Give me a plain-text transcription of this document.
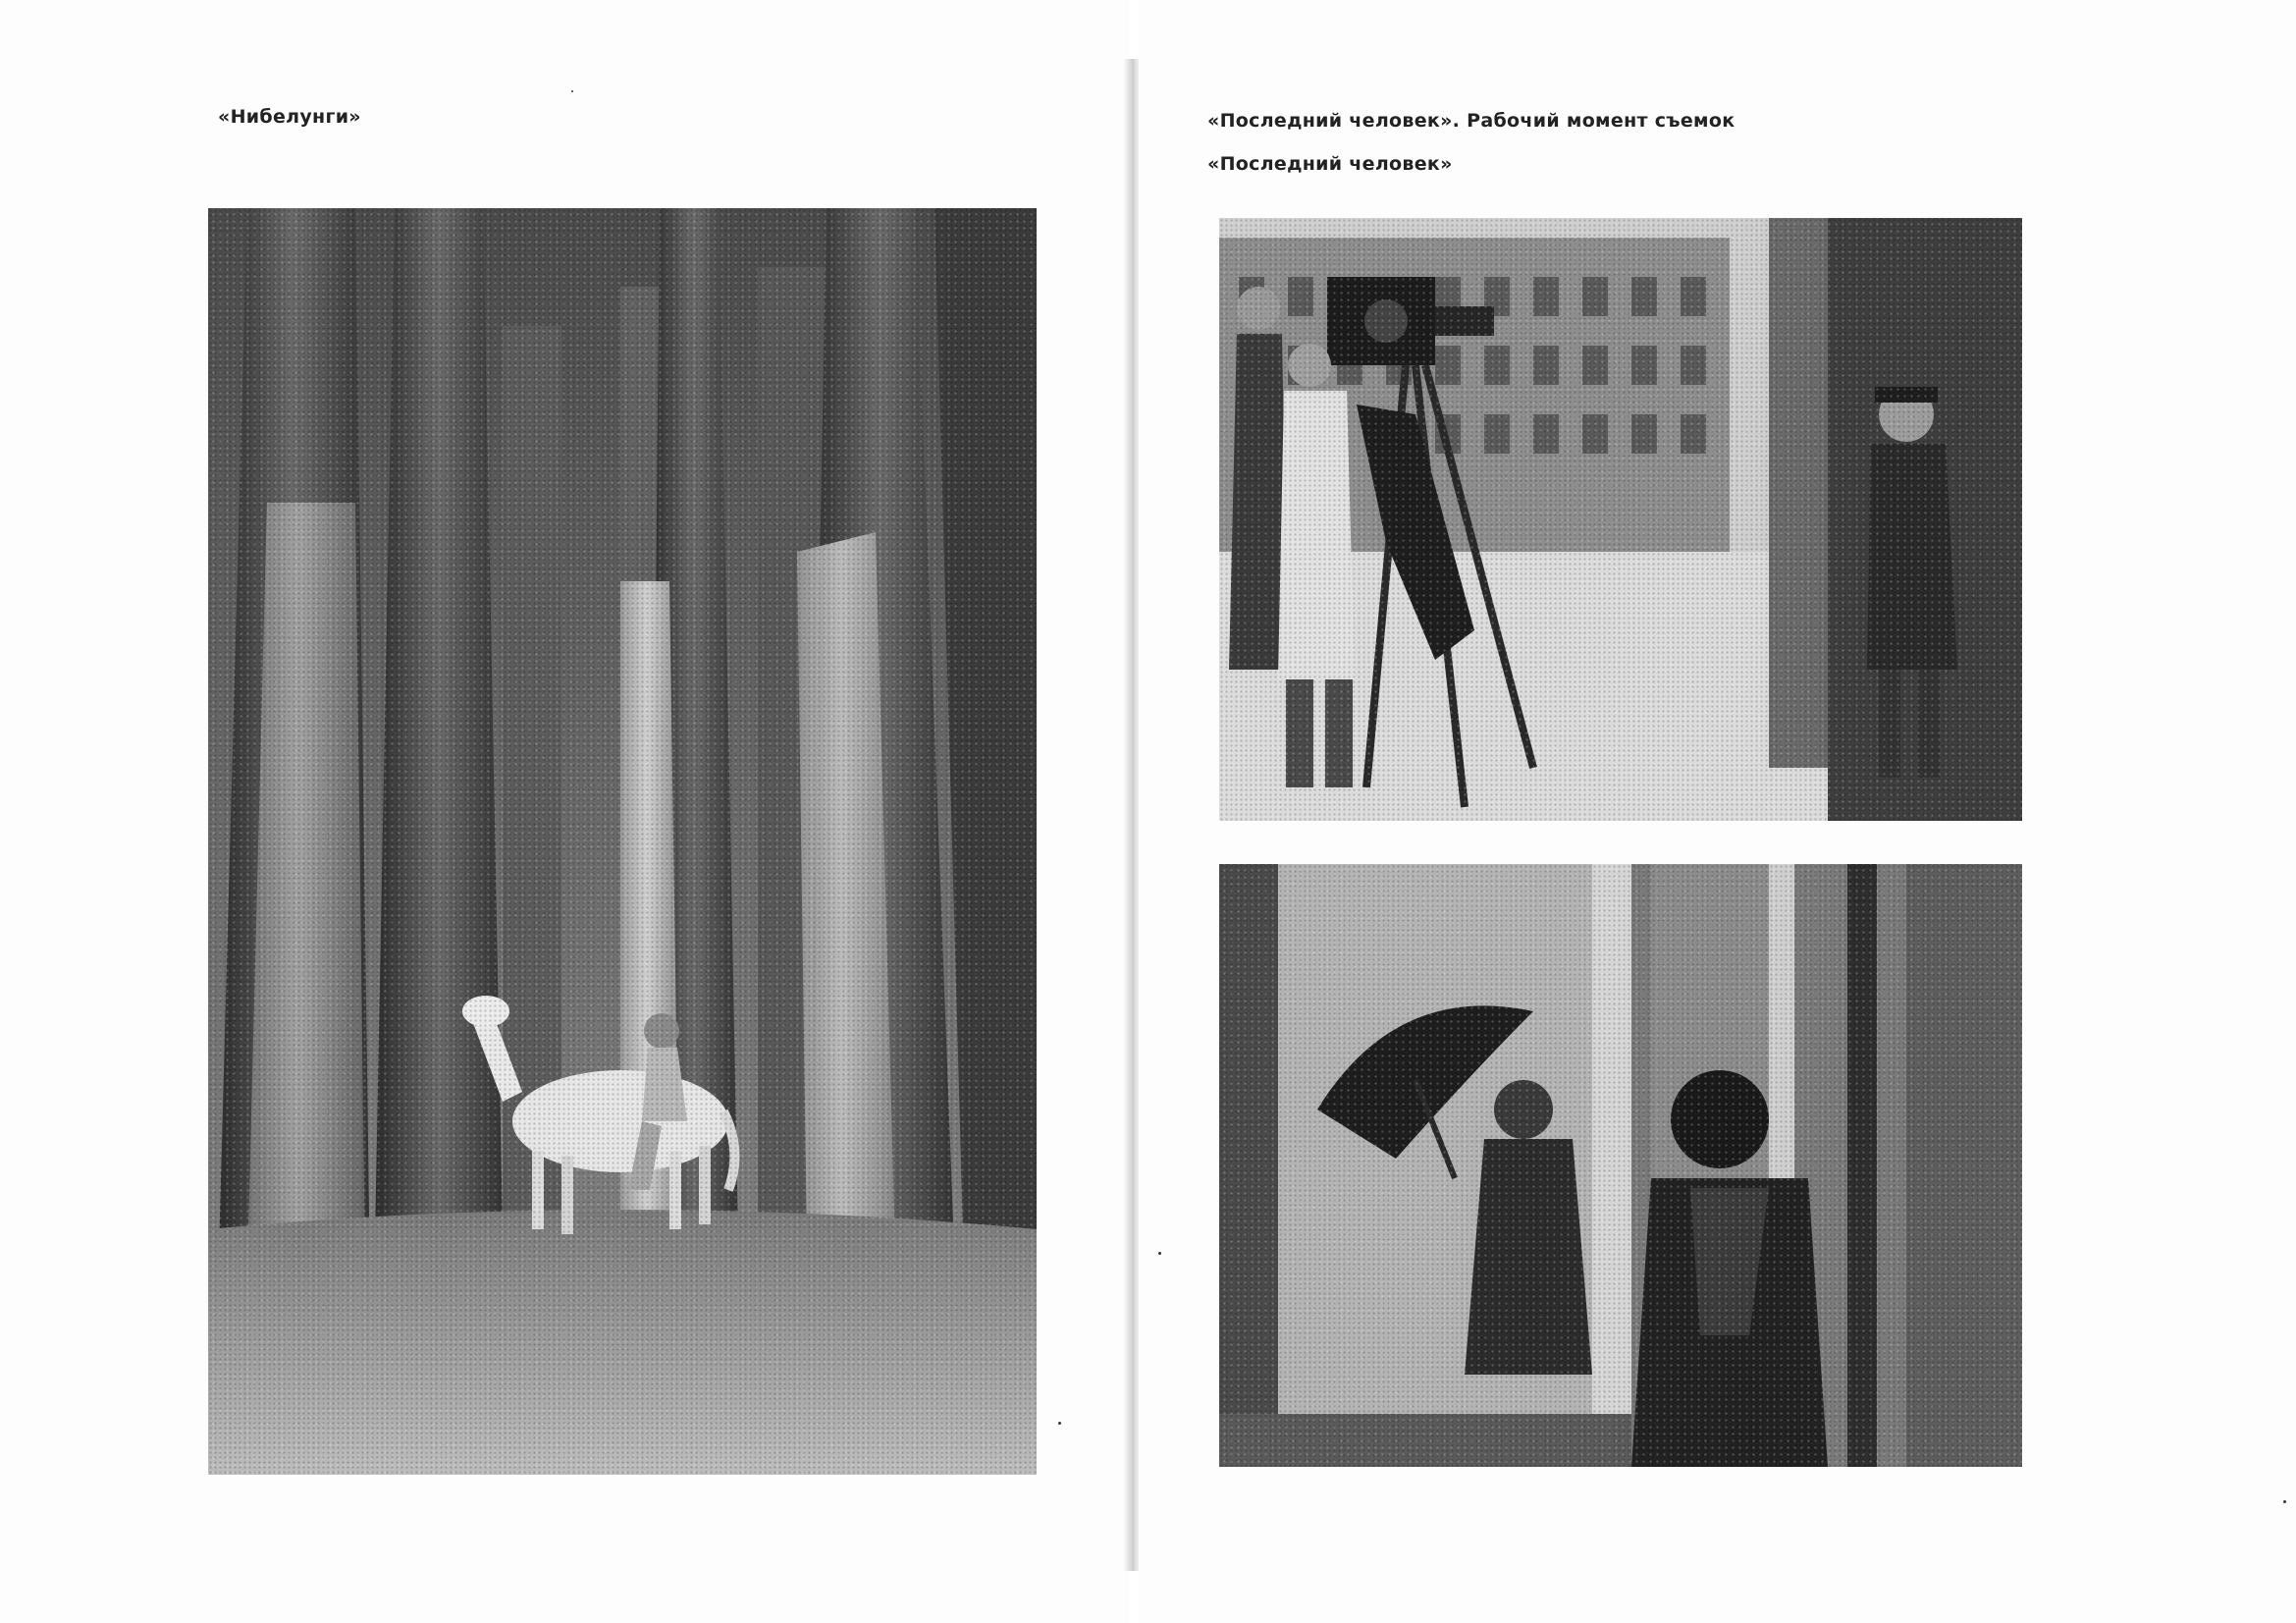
«Нибелунги»	«Последний человек». Рабочий момент съемок
«Последний человек»
